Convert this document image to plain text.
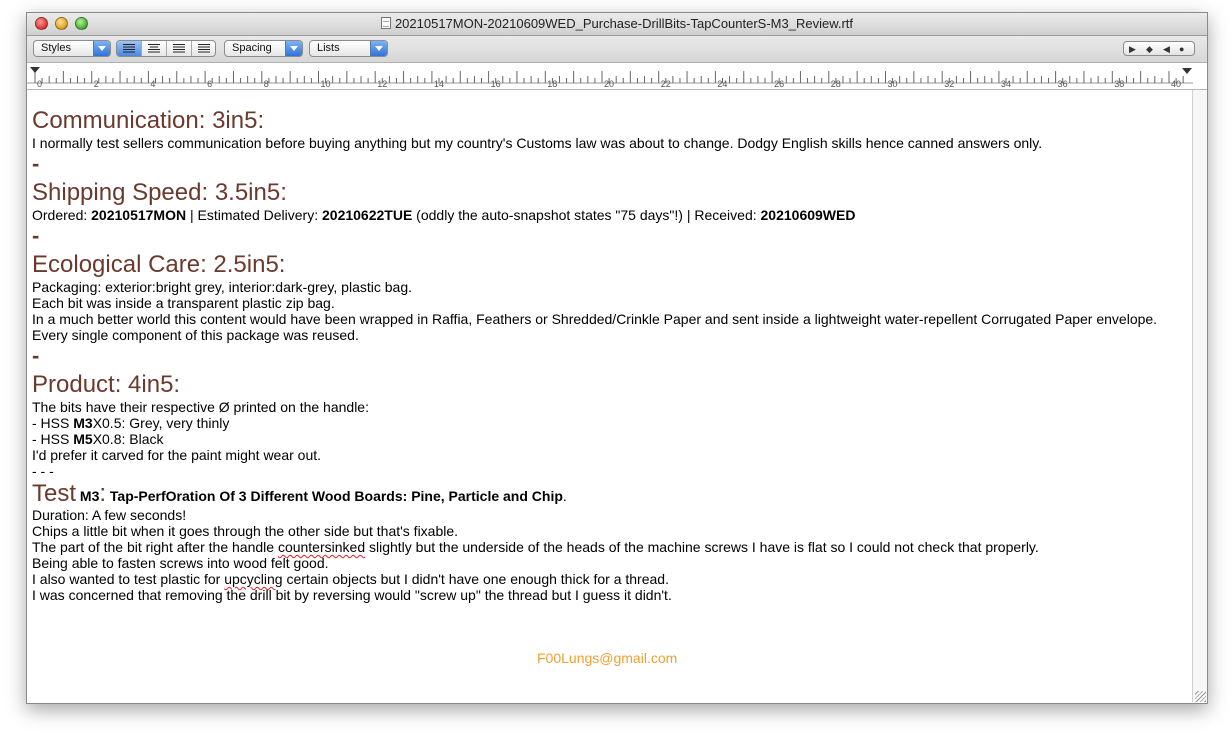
20210517MON-20210609WED_Purchase-DrillBits-TapCounterS-M3_Review.rtf
Styles	Spacing	Lists	▶ ◆ ◀ ●
0	2	4	6	8	10	12	14	16	18	20	22	24	26	28	30	32	34	36	38	40
Communication: 3in5:
I normally test sellers communication before buying anything but my country's Customs law was about to change. Dodgy English skills hence canned answers only.
-
Shipping Speed: 3.5in5:
Ordered: 20210517MON | Estimated Delivery: 20210622TUE (oddly the auto-snapshot states "75 days"!) | Received: 20210609WED
-
Ecological Care: 2.5in5:
Packaging: exterior:bright grey, interior:dark-grey, plastic bag.
Each bit was inside a transparent plastic zip bag.
In a much better world this content would have been wrapped in Raffia, Feathers or Shredded/Crinkle Paper and sent inside a lightweight water-repellent Corrugated Paper envelope.
Every single component of this package was reused.
-
Product: 4in5:
The bits have their respective Ø printed on the handle:
- HSS M3X0.5: Grey, very thinly
- HSS M5X0.8: Black
I'd prefer it carved for the paint might wear out.
- - -
Test M3: Tap-PerfOration Of 3 Different Wood Boards: Pine, Particle and Chip.
Duration: A few seconds!
Chips a little bit when it goes through the other side but that's fixable.
The part of the bit right after the handle countersinked slightly but the underside of the heads of the machine screws I have is flat so I could not check that properly.
Being able to fasten screws into wood felt good.
I also wanted to test plastic for upcycling certain objects but I didn't have one enough thick for a thread.
I was concerned that removing the drill bit by reversing would "screw up" the thread but I guess it didn't.
F00Lungs@gmail.com
